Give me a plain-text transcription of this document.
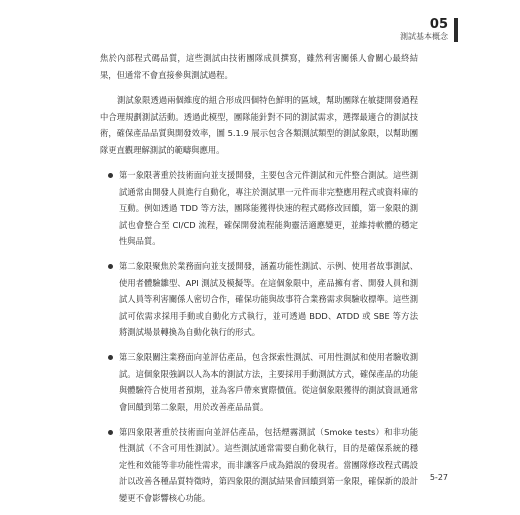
05
測試基本概念

焦於內部程式碼品質，這些測試由技術團隊成員撰寫，雖然利害關係人會關心最終結果，但通常不會直接參與測試過程。

測試象限透過兩個維度的組合形成四個特色鮮明的區域，幫助團隊在敏捷開發過程中合理規劃測試活動。透過此模型，團隊能針對不同的測試需求，選擇最適合的測試技術，確保產品品質與開發效率，圖 5.1.9 展示包含各類測試類型的測試象限，以幫助團隊更直觀理解測試的範疇與應用。

第一象限著重於技術面向並支援開發，主要包含元件測試和元件整合測試。這些測試通常由開發人員進行自動化，專注於測試單一元件而非完整應用程式或資料庫的互動。例如透過 TDD 等方法，團隊能獲得快速的程式碼修改回饋，第一象限的測試也會整合至 CI/CD 流程，確保開發流程能夠靈活適應變更，並維持軟體的穩定性與品質。
第二象限聚焦於業務面向並支援開發，涵蓋功能性測試、示例、使用者故事測試、使用者體驗雛型、API 測試及模擬等。在這個象限中，產品擁有者、開發人員和測試人員等利害關係人密切合作，確保功能與故事符合業務需求與驗收標準。這些測試可依需求採用手動或自動化方式執行，並可透過 BDD、ATDD 或 SBE 等方法將測試場景轉換為自動化執行的形式。
第三象限關注業務面向並評估產品，包含探索性測試、可用性測試和使用者驗收測試。這個象限強調以人為本的測試方法，主要採用手動測試方式，確保產品的功能與體驗符合使用者預期，並為客戶帶來實際價值。從這個象限獲得的測試資訊通常會回饋到第二象限，用於改善產品品質。
第四象限著重於技術面向並評估產品，包括煙霧測試（Smoke tests）和非功能性測試（不含可用性測試）。這些測試通常需要自動化執行，目的是確保系統的穩定性和效能等非功能性需求，而非讓客戶成為錯誤的發現者。當團隊修改程式碼設計以改善各種品質特徵時，第四象限的測試結果會回饋到第一象限，確保新的設計變更不會影響核心功能。
5-27
